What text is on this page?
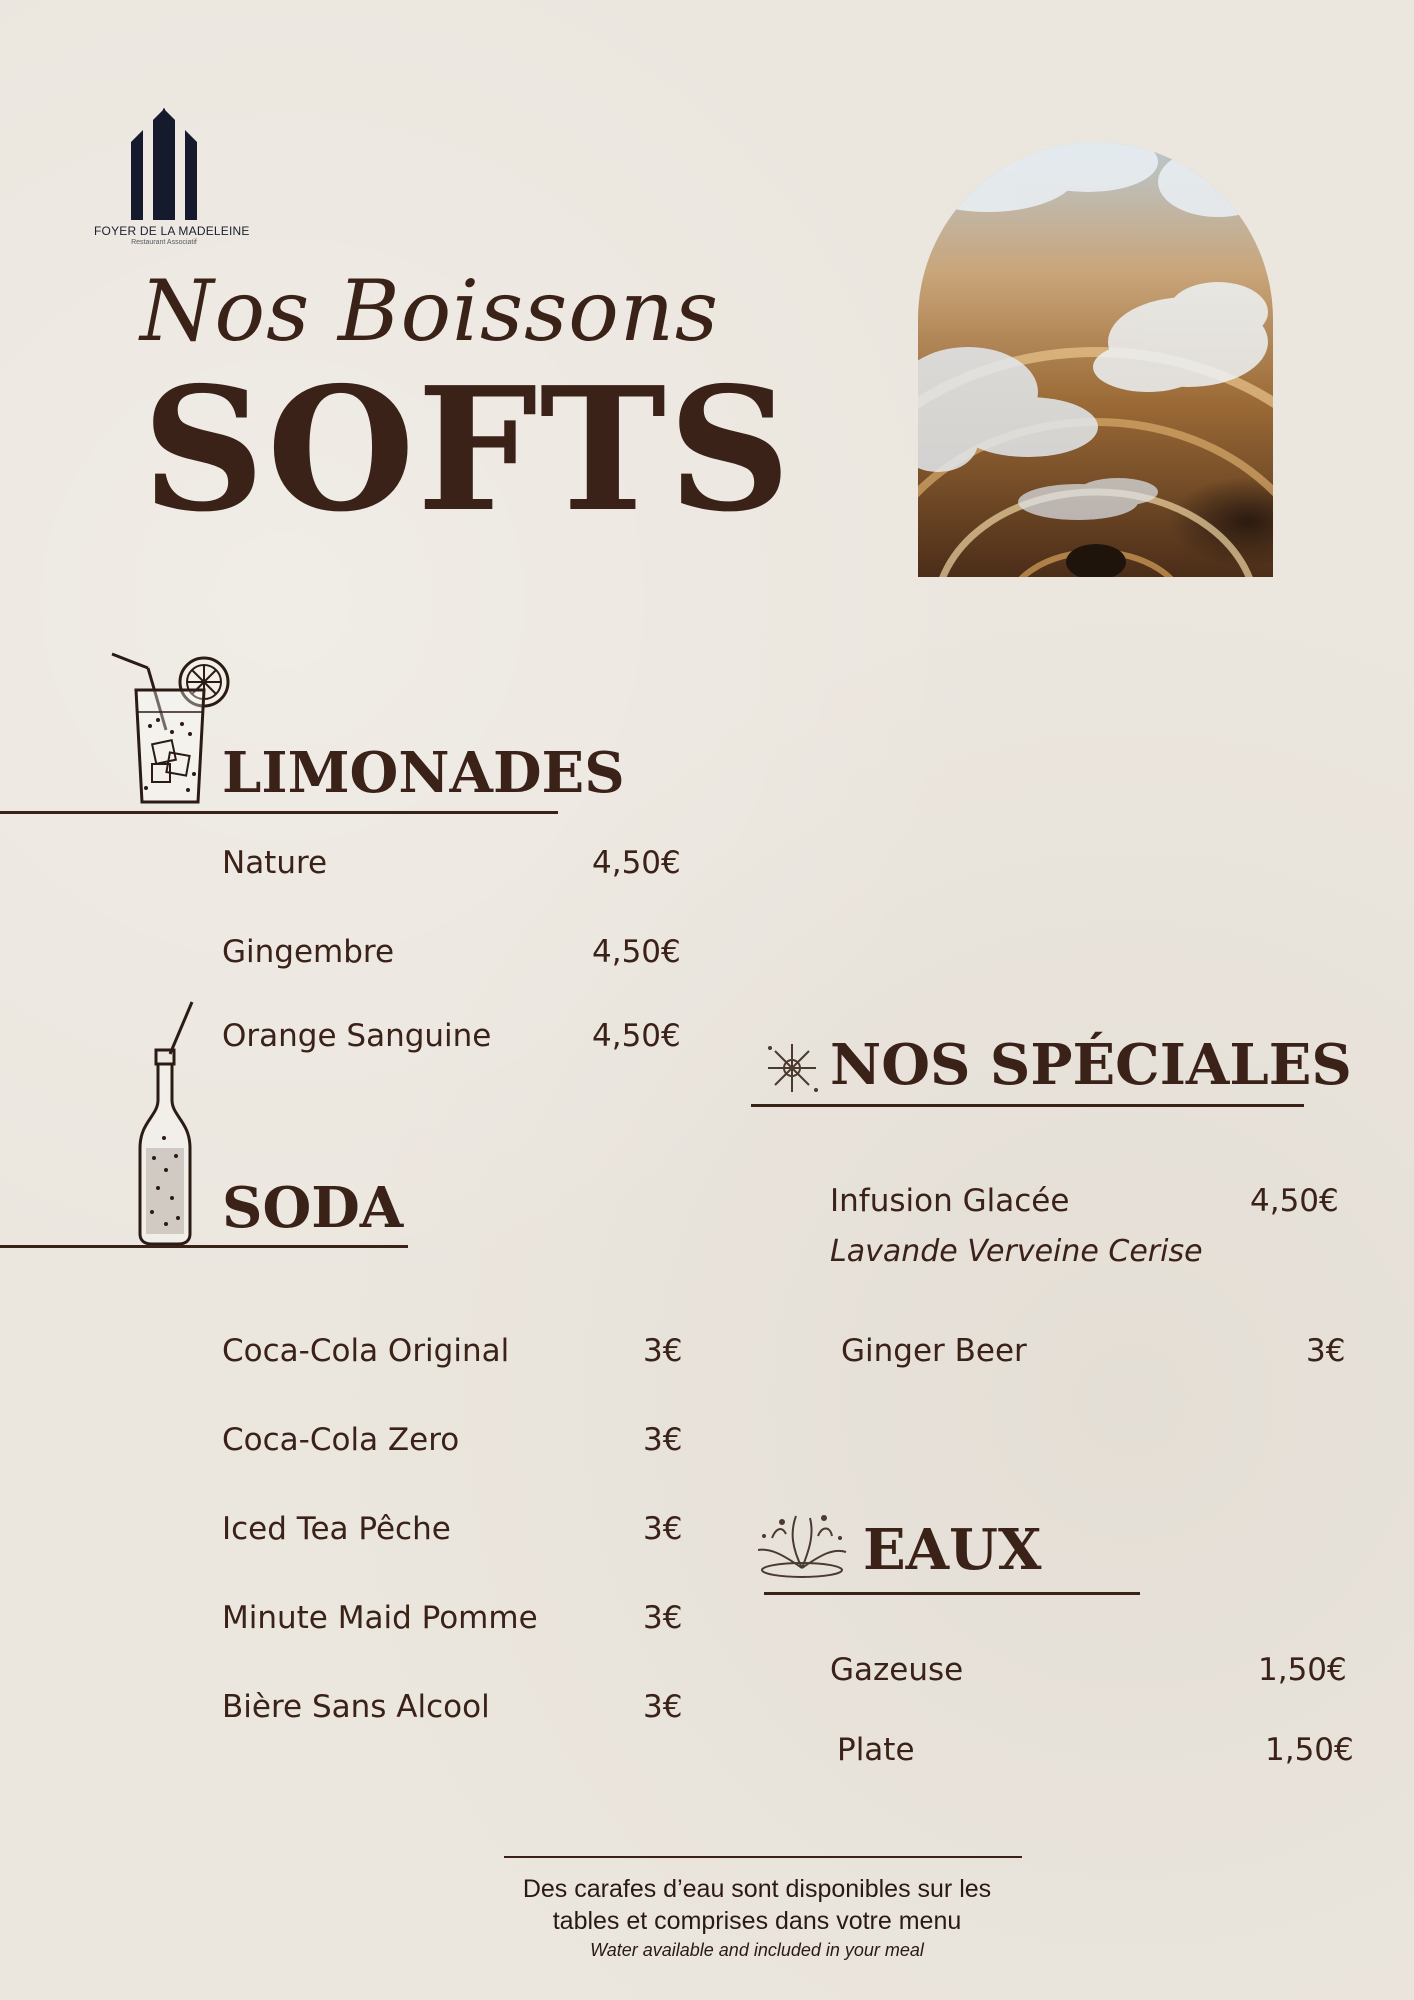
FOYER DE LA MADELEINE
Restaurant Associatif
Nos Boissons
SOFTS
LIMONADES
Nature	4,50€
Gingembre	4,50€
Orange Sanguine	4,50€
SODA
Coca-Cola Original	3€
Coca-Cola Zero	3€
Iced Tea Pêche	3€
Minute Maid Pomme	3€
Bière Sans Alcool	3€
NOS SPÉCIALES
Infusion Glacée	4,50€
Lavande Verveine Cerise
Ginger Beer	3€
EAUX
Gazeuse	1,50€
Plate	1,50€
Des carafes d’eau sont disponibles sur les
tables et comprises dans votre menu
Water available and included in your meal
